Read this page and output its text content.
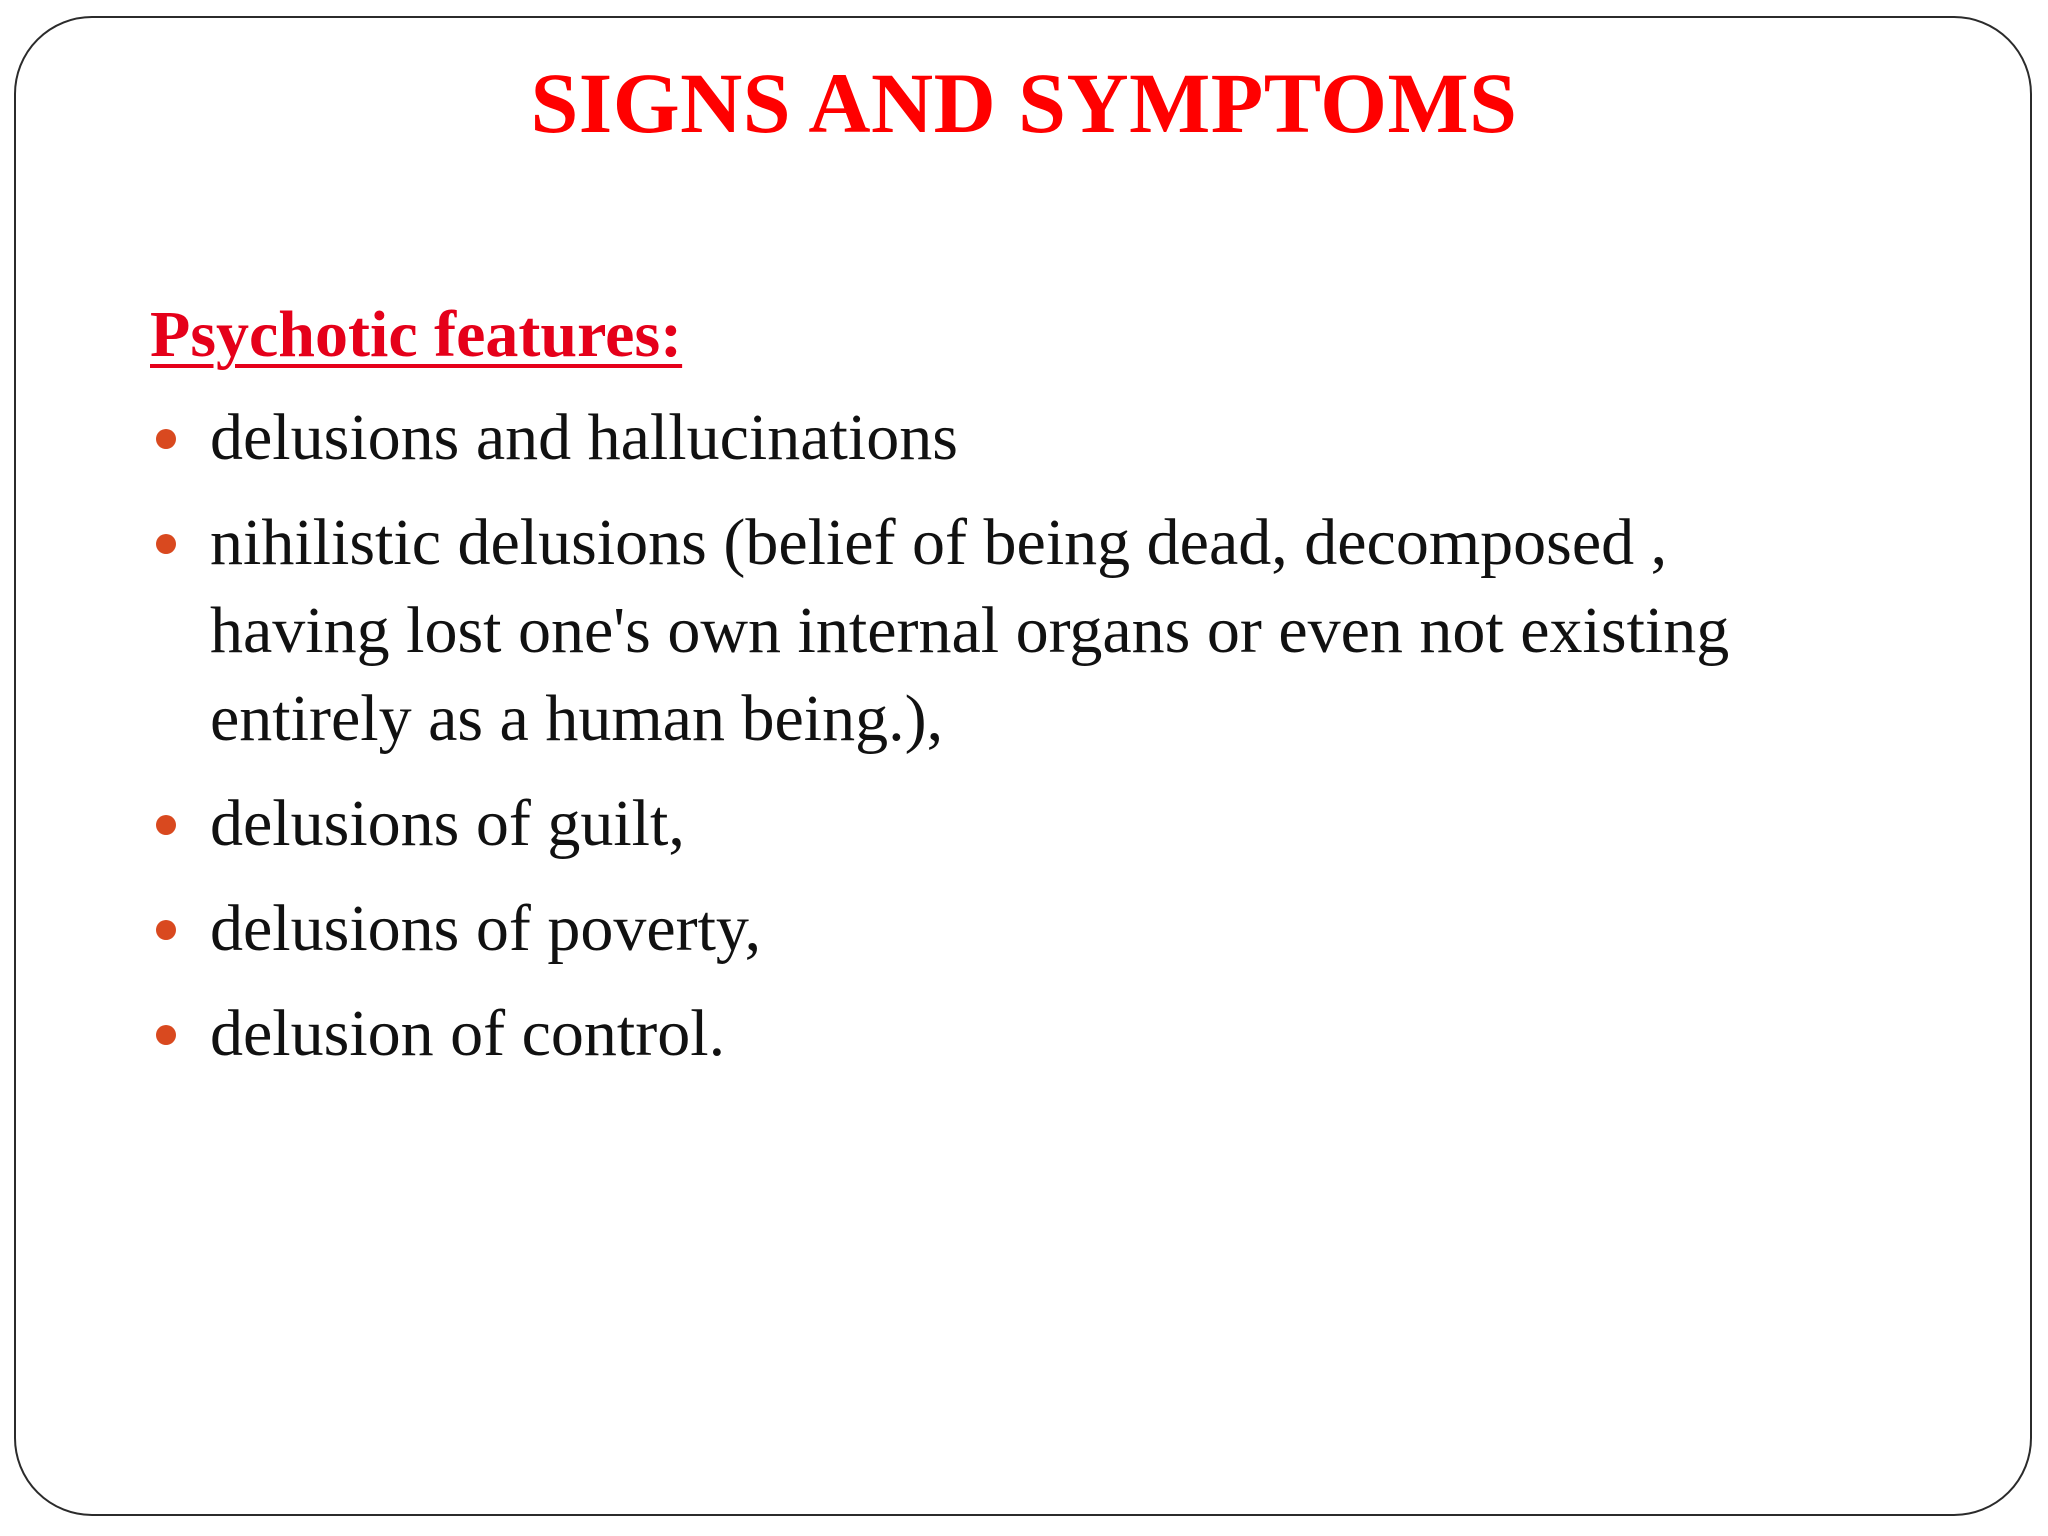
SIGNS AND SYMPTOMS
Psychotic features:
delusions and hallucinations
nihilistic delusions (belief of being dead, decomposed , having lost one's own internal organs or even not existing entirely as a human being.),
delusions of guilt,
delusions of poverty,
delusion of control.
